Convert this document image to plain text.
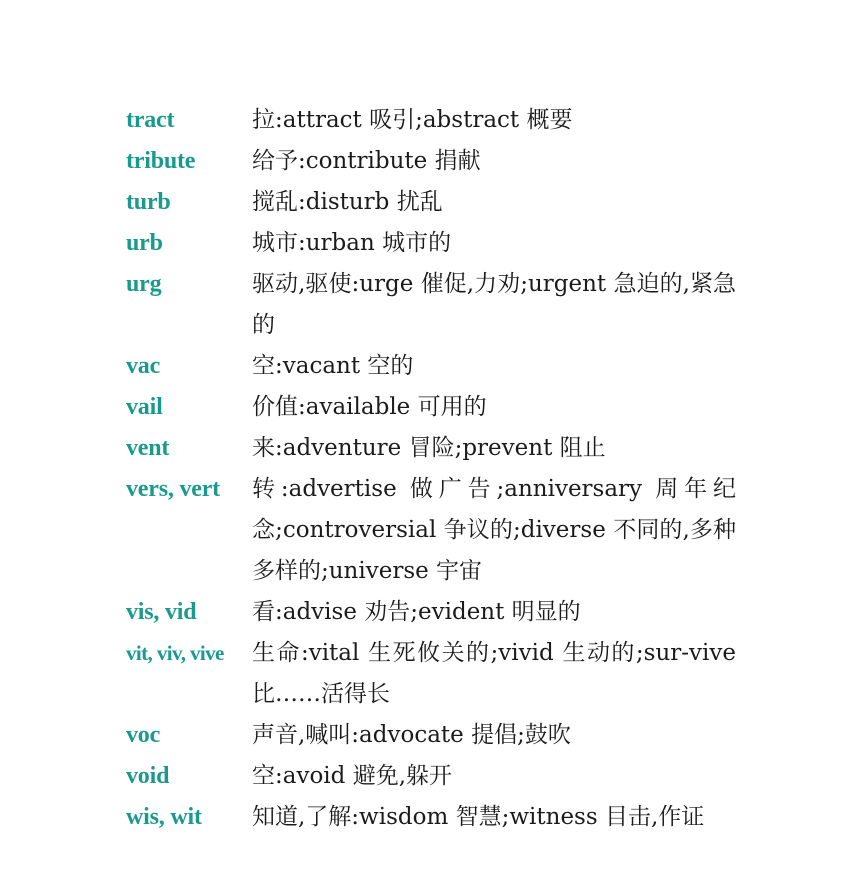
tract	拉:attract 吸引;abstract 概要
tribute	给予:contribute 捐献
turb	搅乱:disturb 扰乱
urb	城市:urban 城市的
urg	驱动,驱使:urge 催促,力劝;urgent 急迫的,紧急的
vac	空:vacant 空的
vail	价值:available 可用的
vent	来:adventure 冒险;prevent 阻止
vers, vert	转:advertise 做广告;anniversary 周年纪念;controversial 争议的;diverse 不同的,多种多样的;universe 宇宙
vis, vid	看:advise 劝告;evident 明显的
vit, viv, vive	生命:vital 生死攸关的;vivid 生动的;sur-vive 比……活得长
voc	声音,喊叫:advocate 提倡;鼓吹
void	空:avoid 避免,躲开
wis, wit	知道,了解:wisdom 智慧;witness 目击,作证
